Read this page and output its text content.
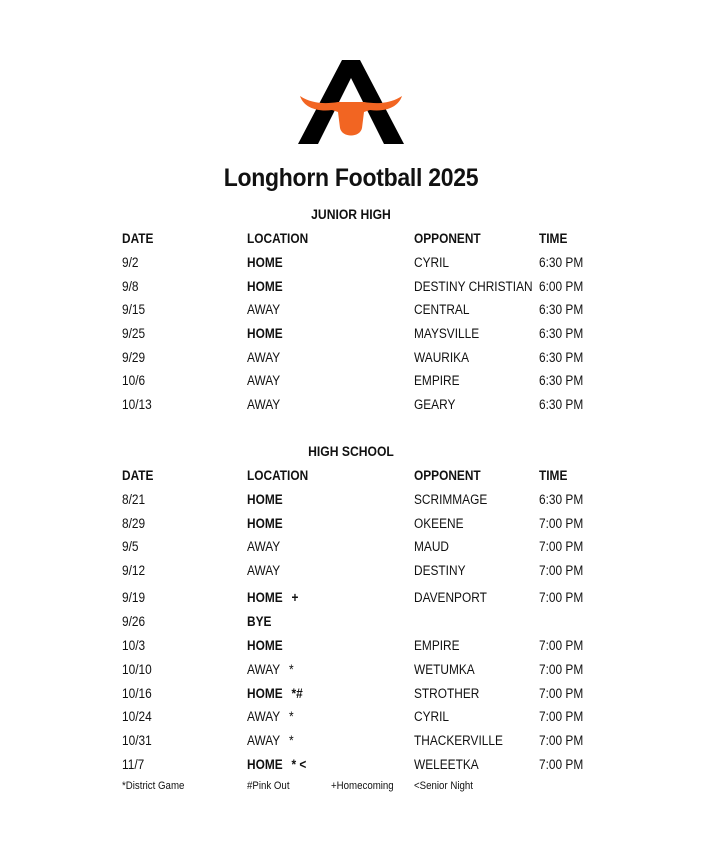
Longhorn Football 2025
JUNIOR HIGH
DATE	LOCATION	OPPONENT	TIME
9/2	HOME	CYRIL	6:30 PM
9/8	HOME	DESTINY CHRISTIAN 6:00 PM
9/15	AWAY	CENTRAL	6:30 PM
9/25	HOME	MAYSVILLE	6:30 PM
9/29	AWAY	WAURIKA	6:30 PM
10/6	AWAY	EMPIRE	6:30 PM
10/13	AWAY	GEARY	6:30 PM
HIGH SCHOOL
DATE	LOCATION	OPPONENT	TIME
8/21	HOME	SCRIMMAGE	6:30 PM
8/29	HOME	OKEENE	7:00 PM
9/5	AWAY	MAUD	7:00 PM
9/12	AWAY	DESTINY	7:00 PM
9/19	HOME +	DAVENPORT	7:00 PM
9/26	BYE
10/3	HOME	EMPIRE	7:00 PM
10/10	AWAY *	WETUMKA	7:00 PM
10/16	HOME *#	STROTHER	7:00 PM
10/24	AWAY *	CYRIL	7:00 PM
10/31	AWAY *	THACKERVILLE	7:00 PM
11/7	HOME * <	WELEETKA	7:00 PM
*District Game	#Pink Out	+Homecoming <Senior Night
